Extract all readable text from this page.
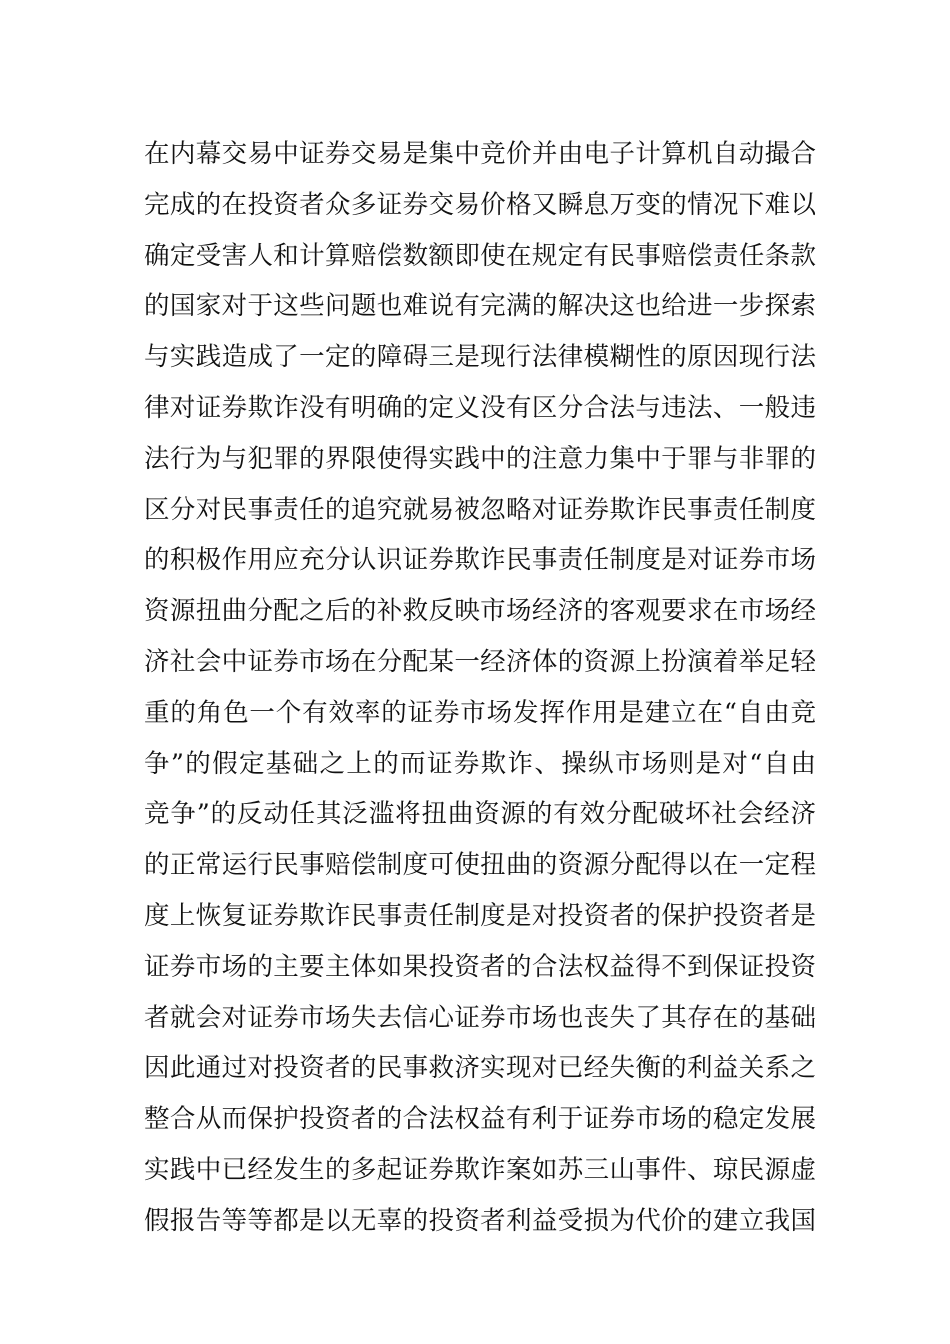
在内幕交易中证券交易是集中竞价并由电子计算机自动撮合
完成的在投资者众多证券交易价格又瞬息万变的情况下难以
确定受害人和计算赔偿数额即使在规定有民事赔偿责任条款
的国家对于这些问题也难说有完满的解决这也给进一步探索
与实践造成了一定的障碍三是现行法律模糊性的原因现行法
律对证券欺诈没有明确的定义没有区分合法与违法、一般违
法行为与犯罪的界限使得实践中的注意力集中于罪与非罪的
区分对民事责任的追究就易被忽略对证券欺诈民事责任制度
的积极作用应充分认识证券欺诈民事责任制度是对证券市场
资源扭曲分配之后的补救反映市场经济的客观要求在市场经
济社会中证券市场在分配某一经济体的资源上扮演着举足轻
重的角色一个有效率的证券市场发挥作用是建立在“自由竞
争”的假定基础之上的而证券欺诈、操纵市场则是对“自由
竞争”的反动任其泛滥将扭曲资源的有效分配破坏社会经济
的正常运行民事赔偿制度可使扭曲的资源分配得以在一定程
度上恢复证券欺诈民事责任制度是对投资者的保护投资者是
证券市场的主要主体如果投资者的合法权益得不到保证投资
者就会对证券市场失去信心证券市场也丧失了其存在的基础
因此通过对投资者的民事救济实现对已经失衡的利益关系之
整合从而保护投资者的合法权益有利于证券市场的稳定发展
实践中已经发生的多起证券欺诈案如苏三山事件、琼民源虚
假报告等等都是以无辜的投资者利益受损为代价的建立我国
